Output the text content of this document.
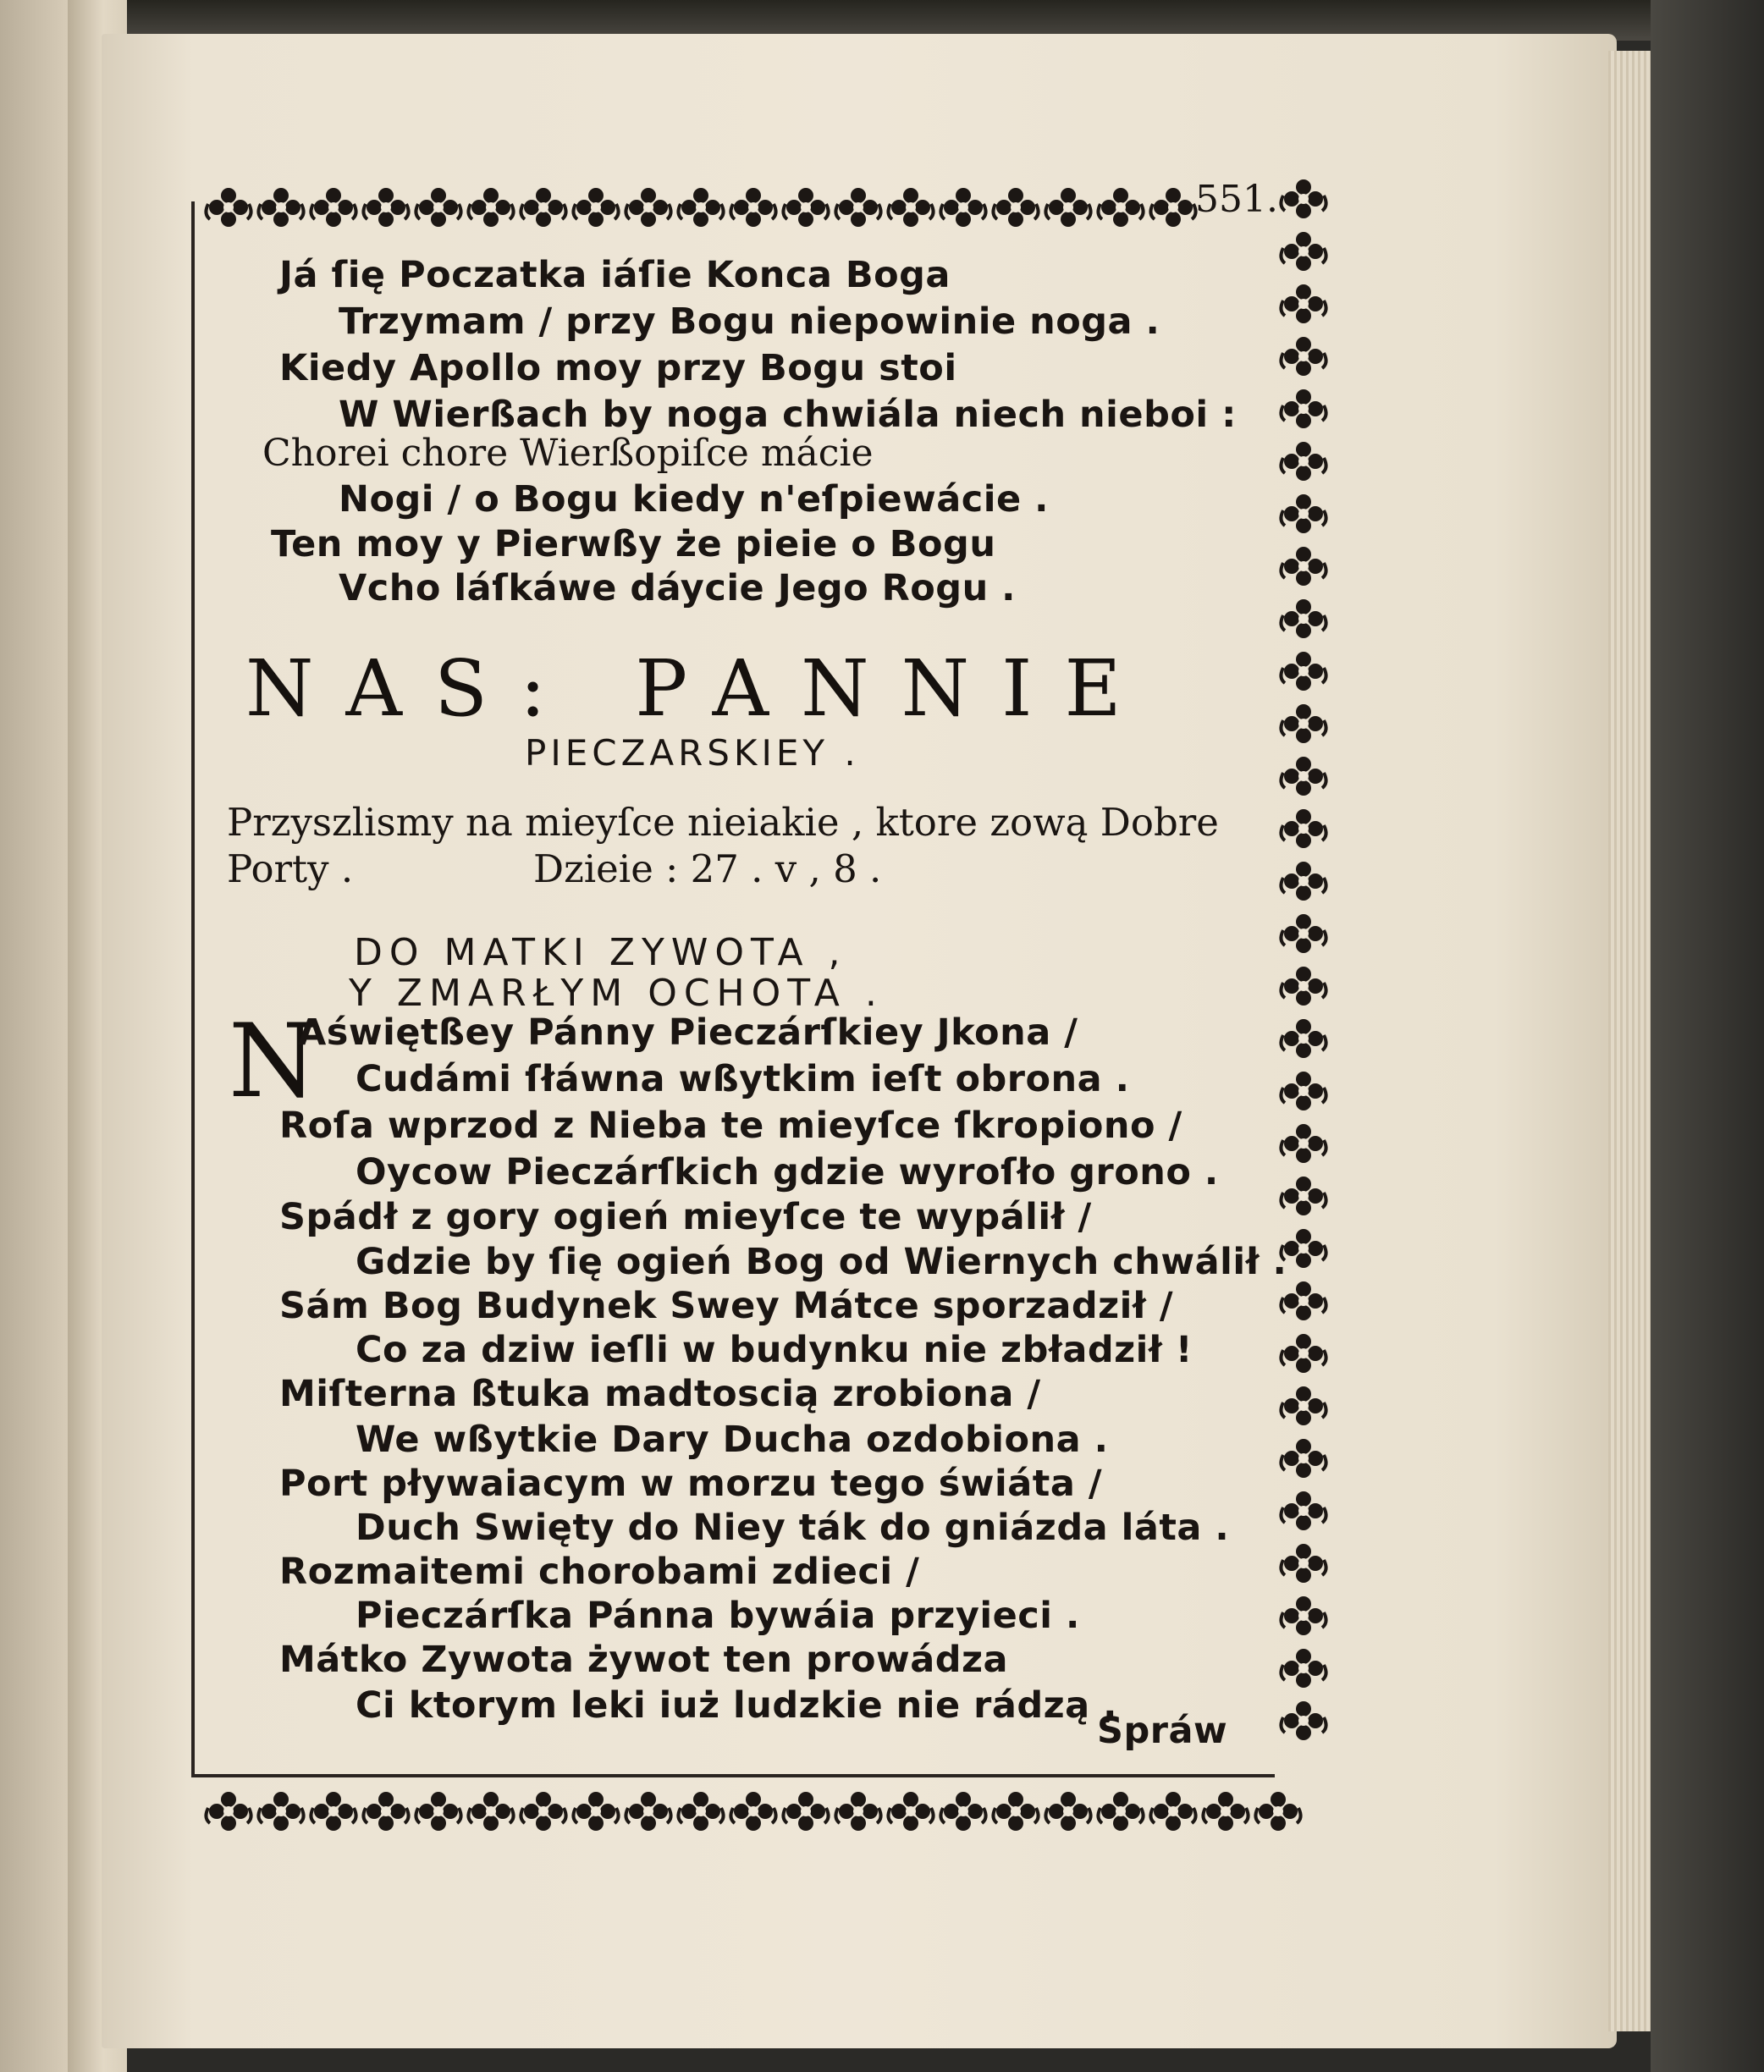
551.
Já ſię Poczatka iáſie Konca Boga
Trzymam / przy Bogu niepowinie noga .
Kiedy Apollo moy przy Bogu stoi
W Wierßach by noga chwiála niech nieboi :
Chorei chore Wierßopiſce mácie
Nogi / o Bogu kiedy n'eſpiewácie .
Ten moy y Pierwßy że pieie o Bogu
Vcho láſkáwe dáycie Jego Rogu .
NAS: PANNIE
PIECZARSKIEY .
Przyszlismy na mieyſce nieiakie , ktore zową Dobre
Porty .	Dzieie : 27 . v , 8 .
DO MATKI ZYWOTA ,
Y ZMARŁYM OCHOTA .
N
Aświętßey Pánny Pieczárſkiey Jkona /
Cudámi ſłáwna wßytkim ieſt obrona .
Roſa wprzod z Nieba te mieyſce ſkropiono /
Oycow Pieczárſkich gdzie wyroſło grono .
Spádł z gory ogień mieyſce te wypálił /
Gdzie by ſię ogień Bog od Wiernych chwálił .
Sám Bog Budynek Swey Mátce sporzadził /
Co za dziw ieſli w budynku nie zbładził !
Miſterna ßtuka madtoscią zrobiona /
We wßytkie Dary Ducha ozdobiona .
Port pływaiacym w morzu tego świáta /
Duch Swięty do Niey ták do gniázda láta .
Rozmaitemi chorobami zdieci /
Pieczárſka Pánna bywáia przyieci .
Mátko Zywota żywot ten prowádza
Ci ktorym leki iuż ludzkie nie rádzą ,
Spráw
